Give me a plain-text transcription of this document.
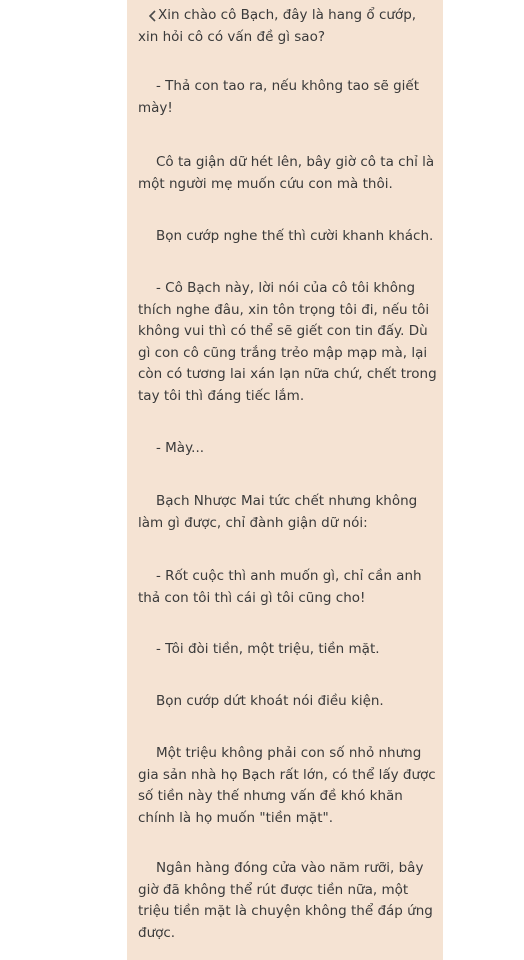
Xin chào cô Bạch, đây là hang ổ cướp, xin hỏi cô có vấn đề gì sao?

- Thả con tao ra, nếu không tao sẽ giết mày!

Cô ta giận dữ hét lên, bây giờ cô ta chỉ là một người mẹ muốn cứu con mà thôi.

Bọn cướp nghe thế thì cười khanh khách.

- Cô Bạch này, lời nói của cô tôi không thích nghe đâu, xin tôn trọng tôi đi, nếu tôi không vui thì có thể sẽ giết con tin đấy. Dù gì con cô cũng trắng trẻo mập mạp mà, lại còn có tương lai xán lạn nữa chứ, chết trong tay tôi thì đáng tiếc lắm.

- Mày...

Bạch Nhược Mai tức chết nhưng không làm gì được, chỉ đành giận dữ nói:

- Rốt cuộc thì anh muốn gì, chỉ cần anh thả con tôi thì cái gì tôi cũng cho!

- Tôi đòi tiền, một triệu, tiền mặt.

Bọn cướp dứt khoát nói điều kiện.

Một triệu không phải con số nhỏ nhưng gia sản nhà họ Bạch rất lớn, có thể lấy được số tiền này thế nhưng vấn đề khó khăn chính là họ muốn "tiền mặt".

Ngân hàng đóng cửa vào năm rưỡi, bây giờ đã không thể rút được tiền nữa, một triệu tiền mặt là chuyện không thể đáp ứng được.
